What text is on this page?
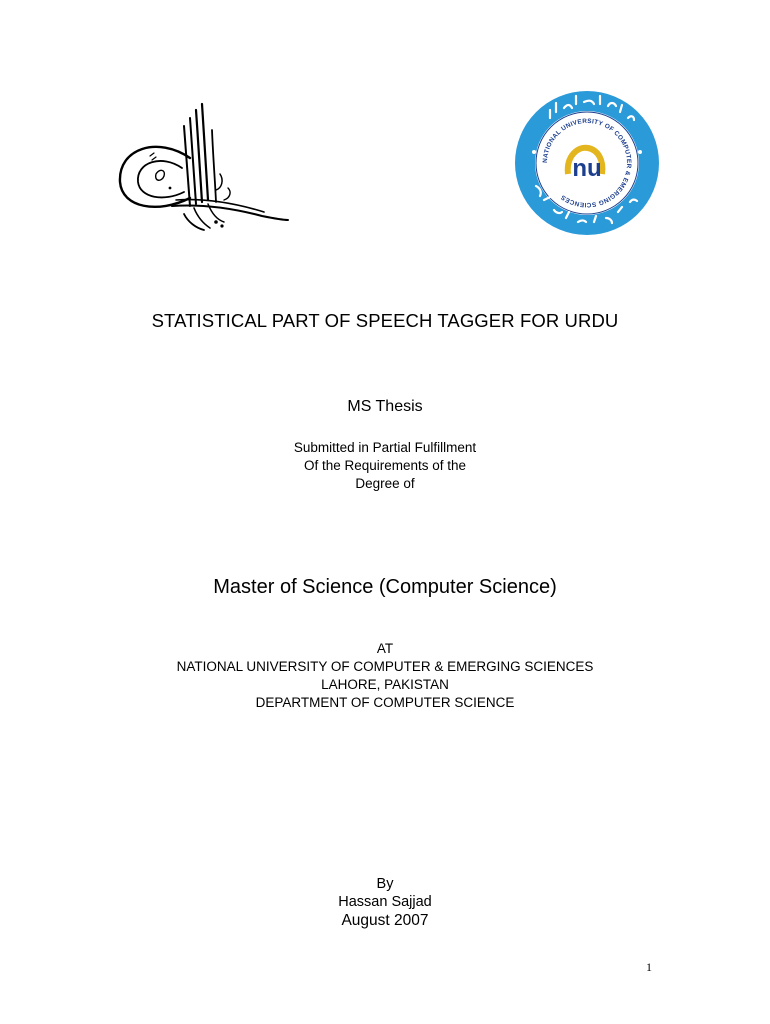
NATIONAL UNIVERSITY OF COMPUTER & EMERGING SCIENCES
nu
STATISTICAL PART OF SPEECH TAGGER FOR URDU
MS Thesis
Submitted in Partial Fulfillment
Of the Requirements of the
Degree of
Master of Science (Computer Science)
AT
NATIONAL UNIVERSITY OF COMPUTER & EMERGING SCIENCES
LAHORE, PAKISTAN
DEPARTMENT OF COMPUTER SCIENCE
By
Hassan Sajjad
August 2007
1
